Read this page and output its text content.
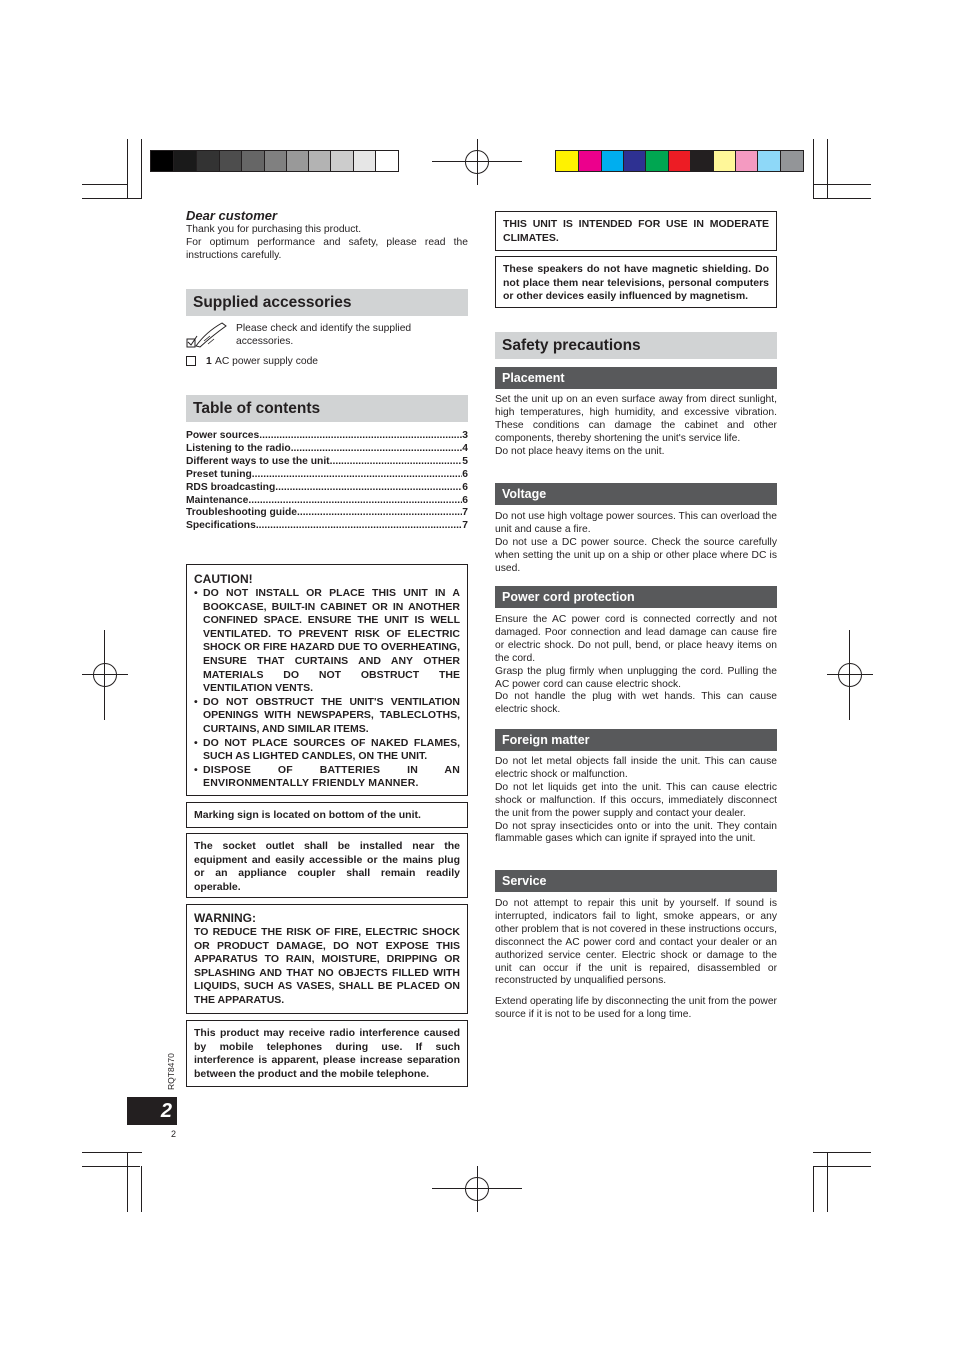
Dear customer

Thank you for purchasing this product.

For optimum performance and safety, please read the instructions carefully.

Supplied accessories

Please check and identify the supplied accessories.

1 AC power supply code
Table of contents
Power sources .....	3
Listening to the radio .....	4
Different ways to use the unit .....	5
Preset tuning .....	6
RDS broadcasting .....	6
Maintenance .....	6
Troubleshooting guide .....	7
Specifications .....	7
CAUTION!
• DO NOT INSTALL OR PLACE THIS UNIT IN A BOOKCASE, BUILT-IN CABINET OR IN ANOTHER CONFINED SPACE. ENSURE THE UNIT IS WELL VENTILATED. TO PREVENT RISK OF ELECTRIC SHOCK OR FIRE HAZARD DUE TO OVERHEATING, ENSURE THAT CURTAINS AND ANY OTHER MATERIALS DO NOT OBSTRUCT THE VENTILATION VENTS.
• DO NOT OBSTRUCT THE UNIT'S VENTILATION OPENINGS WITH NEWSPAPERS, TABLECLOTHS, CURTAINS, AND SIMILAR ITEMS.
• DO NOT PLACE SOURCES OF NAKED FLAMES, SUCH AS LIGHTED CANDLES, ON THE UNIT.
• DISPOSE OF BATTERIES IN AN ENVIRONMENTALLY FRIENDLY MANNER.

Marking sign is located on bottom of the unit.

The socket outlet shall be installed near the equipment and easily accessible or the mains plug or an appliance coupler shall remain readily operable.

WARNING:

TO REDUCE THE RISK OF FIRE, ELECTRIC SHOCK OR PRODUCT DAMAGE, DO NOT EXPOSE THIS APPARATUS TO RAIN, MOISTURE, DRIPPING OR SPLASHING AND THAT NO OBJECTS FILLED WITH LIQUIDS, SUCH AS VASES, SHALL BE PLACED ON THE APPARATUS.

This product may receive radio interference caused by mobile telephones during use. If such interference is apparent, please increase separation between the product and the mobile telephone.

THIS UNIT IS INTENDED FOR USE IN MODERATE CLIMATES.

These speakers do not have magnetic shielding. Do not place them near televisions, personal computers or other devices easily influenced by magnetism.

Safety precautions
Placement

Set the unit up on an even surface away from direct sunlight, high temperatures, high humidity, and excessive vibration. These conditions can damage the cabinet and other components, thereby shortening the unit's service life.

Do not place heavy items on the unit.

Voltage

Do not use high voltage power sources. This can overload the unit and cause a fire.

Do not use a DC power source. Check the source carefully when setting the unit up on a ship or other place where DC is used.

Power cord protection

Ensure the AC power cord is connected correctly and not damaged. Poor connection and lead damage can cause fire or electric shock. Do not pull, bend, or place heavy items on the cord.

Grasp the plug firmly when unplugging the cord. Pulling the AC power cord can cause electric shock.

Do not handle the plug with wet hands. This can cause electric shock.

Foreign matter

Do not let metal objects fall inside the unit. This can cause electric shock or malfunction.

Do not let liquids get into the unit. This can cause electric shock or malfunction. If this occurs, immediately disconnect the unit from the power supply and contact your dealer.

Do not spray insecticides onto or into the unit. They contain flammable gases which can ignite if sprayed into the unit.

Service

Do not attempt to repair this unit by yourself. If sound is interrupted, indicators fail to light, smoke appears, or any other problem that is not covered in these instructions occurs, disconnect the AC power cord and contact your dealer or an authorized service center. Electric shock or damage to the unit can occur if the unit is repaired, disassembled or reconstructed by unqualified persons.

Extend operating life by disconnecting the unit from the power source if it is not to be used for a long time.

RQT8470
2
2
